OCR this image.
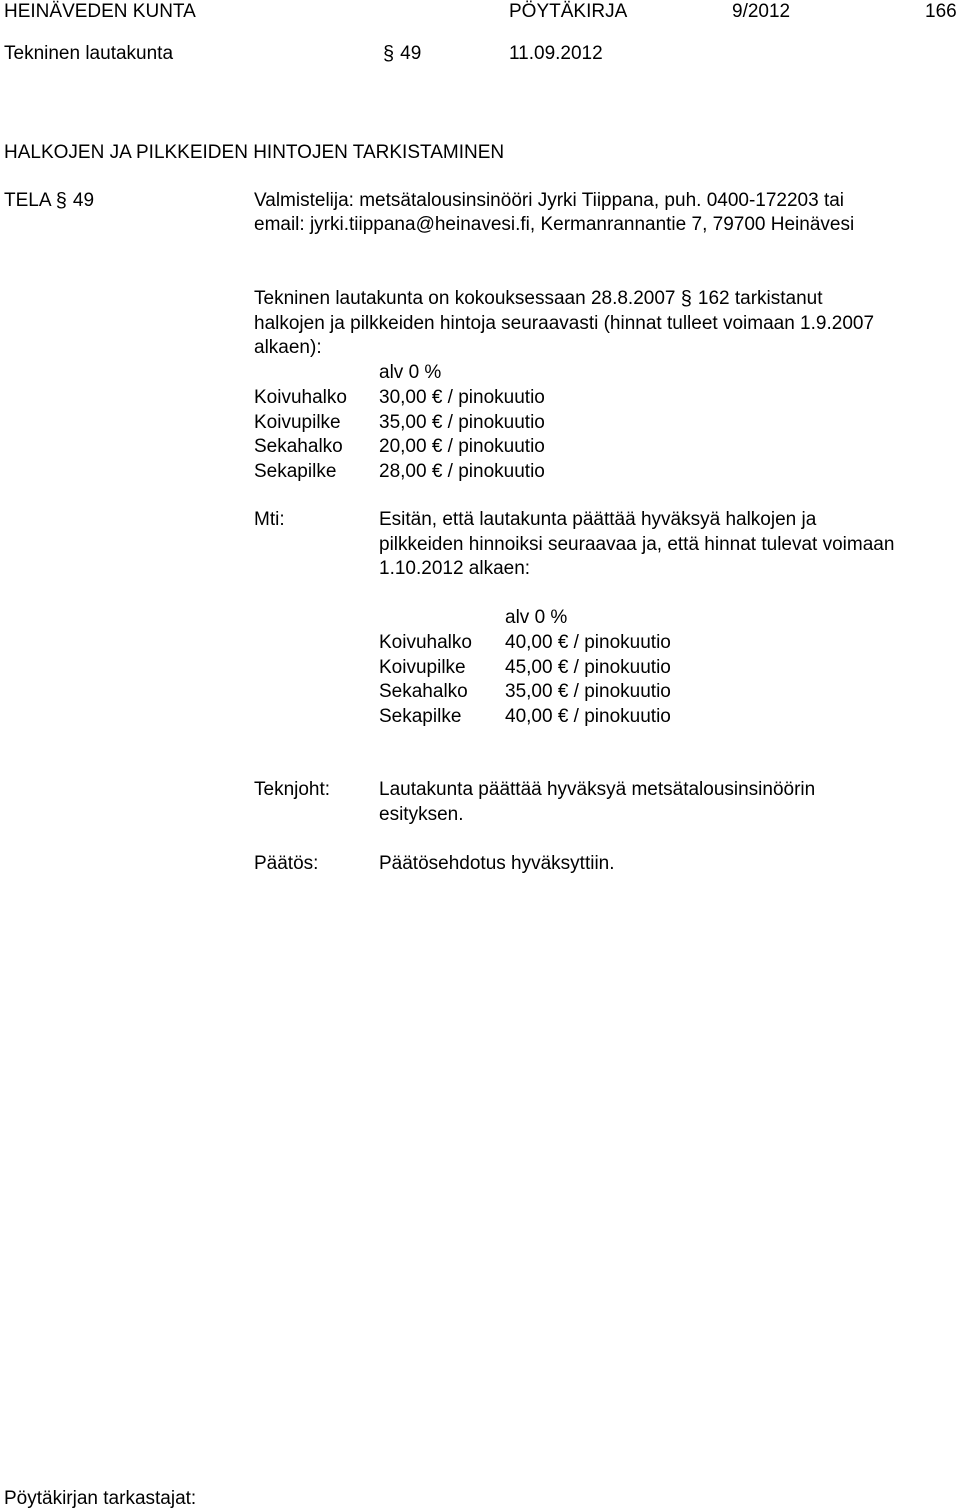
HEINÄVEDEN KUNTA	PÖYTÄKIRJA	9/2012	166
Tekninen lautakunta	§ 49	11.09.2012
HALKOJEN JA PILKKEIDEN HINTOJEN TARKISTAMINEN
TELA § 49	Valmistelija: metsätalousinsinööri Jyrki Tiippana, puh. 0400-172203 tai
email: jyrki.tiippana@heinavesi.fi, Kermanrannantie 7, 79700 Heinävesi
Tekninen lautakunta on kokouksessaan 28.8.2007 § 162 tarkistanut
halkojen ja pilkkeiden hintoja seuraavasti (hinnat tulleet voimaan 1.9.2007
alkaen):
alv 0 %
Koivuhalko 30,00 € / pinokuutio
Koivupilke 35,00 € / pinokuutio
Sekahalko 20,00 € / pinokuutio
Sekapilke 28,00 € / pinokuutio
Mti:	Esitän, että lautakunta päättää hyväksyä halkojen ja
pilkkeiden hinnoiksi seuraavaa ja, että hinnat tulevat voimaan
1.10.2012 alkaen:
alv 0 %
Koivuhalko 40,00 € / pinokuutio
Koivupilke 45,00 € / pinokuutio
Sekahalko 35,00 € / pinokuutio
Sekapilke 40,00 € / pinokuutio
Teknjoht:	Lautakunta päättää hyväksyä metsätalousinsinöörin
esityksen.
Päätös:	Päätösehdotus hyväksyttiin.
Pöytäkirjan tarkastajat:
